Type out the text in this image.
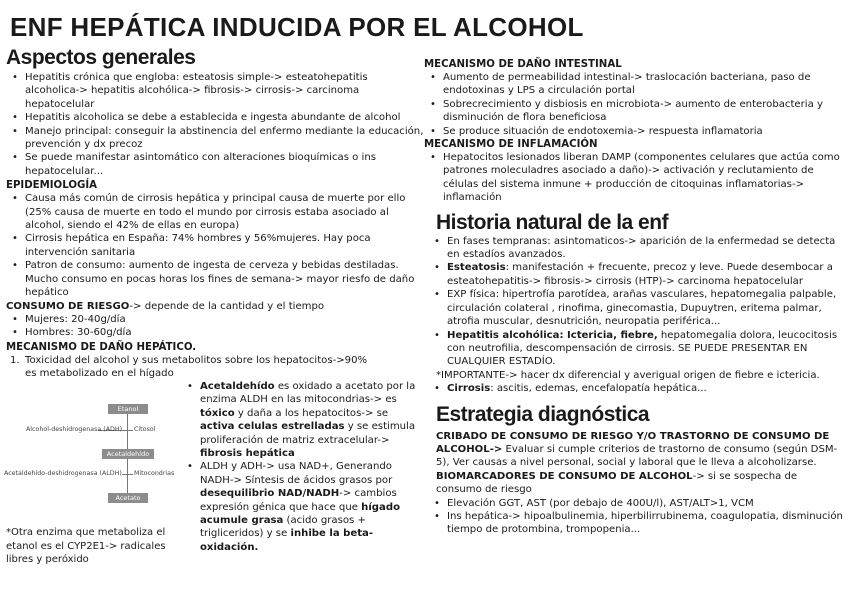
ENF HEPÁTICA INDUCIDA POR EL ALCOHOL
Aspectos generales
• Hepatitis crónica que engloba: esteatosis simple-> esteatohepatitis alcoholica-> hepatitis alcohólica-> fibrosis-> cirrosis-> carcinoma hepatocelular
• Hepatitis alcoholica se debe a establecida e ingesta abundante de alcohol
• Manejo principal: conseguir la abstinencia del enfermo mediante la educación, prevención y dx precoz
• Se puede manifestar asintomático con alteraciones bioquímicas o ins hepatocelular...
EPIDEMIOLOGÍA
• Causa más común de cirrosis hepática y principal causa de muerte por ello (25% causa de muerte en todo el mundo por cirrosis estaba asociado al alcohol, siendo el 42% de ellas en europa)
• Cirrosis hepática en España: 74% hombres y 56%mujeres. Hay poca intervención sanitaria
• Patron de consumo: aumento de ingesta de cerveza y bebidas destiladas. Mucho consumo en pocas horas los fines de semana-> mayor riesfo de daño hepático
CONSUMO DE RIESGO-> depende de la cantidad y el tiempo
• Mujeres: 20-40g/día
• Hombres: 30-60g/día
MECANISMO DE DAÑO HEPÁTICO.
1. Toxicidad del alcohol y sus metabolitos sobre los hepatocitos->90% es metabolizado en el hígado
Etanol
Alcohol-deshidrogenasa (ADH) Citosol
Acetaldehído
Acetaldehído-deshidrogenasa (ALDH) Mitocondrias
Acetato

*Otra enzima que metaboliza el etanol es el CYP2E1-> radicales libres y peróxido

• Acetaldehído es oxidado a acetato por la enzima ALDH en las mitocondrias-> es tóxico y daña a los hepatocitos-> se activa celulas estrelladas y se estimula proliferación de matriz extracelular-> fibrosis hepática
• ALDH y ADH-> usa NAD+, Generando NADH-> Síntesis de ácidos grasos por desequilibrio NAD/NADH-> cambios expresión génica que hace que hígado acumule grasa (acido grasos + trigliceridos) y se inhibe la beta-oxidación.
MECANISMO DE DAÑO INTESTINAL
• Aumento de permeabilidad intestinal-> traslocación bacteriana, paso de endotoxinas y LPS a circulación portal
• Sobrecrecimiento y disbiosis en microbiota-> aumento de enterobacteria y disminución de flora beneficiosa
• Se produce situación de endotoxemia-> respuesta inflamatoria
MECANISMO DE INFLAMACIÓN
• Hepatocitos lesionados liberan DAMP (componentes celulares que actúa como patrones moleculadres asociado a daño)-> activación y reclutamiento de células del sistema inmune + producción de citoquinas inflamatorias-> inflamación
Historia natural de la enf
• En fases tempranas: asintomaticos-> aparición de la enfermedad se detecta en estadíos avanzados.
• Esteatosis: manifestación + frecuente, precoz y leve. Puede desembocar a esteatohepatitis-> fibrosis-> cirrosis (HTP)-> carcinoma hepatocelular
• EXP física: hipertrofía parotídea, arañas vasculares, hepatomegalia palpable, circulación colateral , rinofima, ginecomastia, Dupuytren, eritema palmar, atrofia muscular, desnutrición, neuropatia periférica...
• Hepatitis alcohólica: Ictericia, fiebre, hepatomegalia dolora, leucocitosis con neutrofilia, descompensación de cirrosis. SE PUEDE PRESENTAR EN CUALQUIER ESTADÍO.

*IMPORTANTE-> hacer dx diferencial y averigual origen de fiebre e ictericia.

• Cirrosis: ascitis, edemas, encefalopatía hepática...
Estrategia diagnóstica

CRIBADO DE CONSUMO DE RIESGO Y/O TRASTORNO DE CONSUMO DE ALCOHOL-> Evaluar si cumple criterios de trastorno de consumo (según DSM-5), Ver causas a nivel personal, social y laboral que le lleva a alcoholizarse.

BIOMARCADORES DE CONSUMO DE ALCOHOL-> si se sospecha de consumo de riesgo

• Elevación GGT, AST (por debajo de 400U/l), AST/ALT>1, VCM
• Ins hepática-> hipoalbulinemia, hiperbilirrubinema, coagulopatia, disminución tiempo de protombina, trompopenia...
